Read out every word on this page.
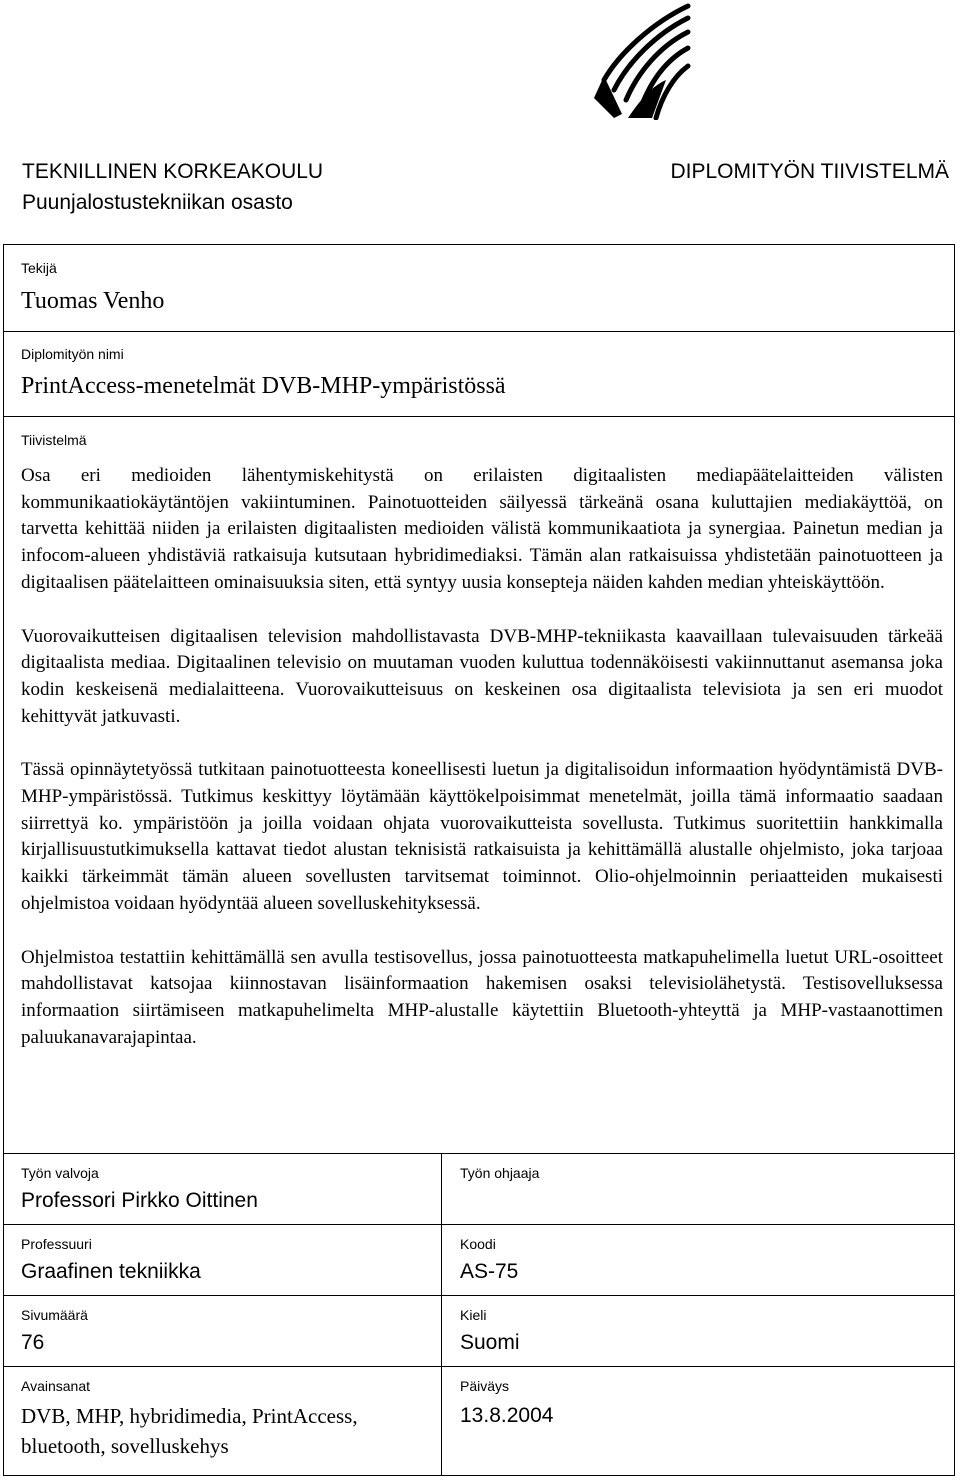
TEKNILLINEN KORKEAKOULU
Puunjalostustekniikan osasto
DIPLOMITYÖN TIIVISTELMÄ
Tekijä
Tuomas Venho
Diplomityön nimi
PrintAccess-menetelmät DVB-MHP-ympäristössä
Tiivistelmä

Osa eri medioiden lähentymiskehitystä on erilaisten digitaalisten mediapäätelaitteiden välisten kommunikaatiokäytäntöjen vakiintuminen. Painotuotteiden säilyessä tärkeänä osana kuluttajien mediakäyttöä, on tarvetta kehittää niiden ja erilaisten digitaalisten medioiden välistä kommunikaatiota ja synergiaa. Painetun median ja infocom-alueen yhdistäviä ratkaisuja kutsutaan hybridimediaksi. Tämän alan ratkaisuissa yhdistetään painotuotteen ja digitaalisen päätelaitteen ominaisuuksia siten, että syntyy uusia konsepteja näiden kahden median yhteiskäyttöön.

Vuorovaikutteisen digitaalisen television mahdollistavasta DVB-MHP-tekniikasta kaavaillaan tulevaisuuden tärkeää digitaalista mediaa. Digitaalinen televisio on muutaman vuoden kuluttua todennäköisesti vakiinnuttanut asemansa joka kodin keskeisenä medialaitteena. Vuorovaikutteisuus on keskeinen osa digitaalista televisiota ja sen eri muodot kehittyvät jatkuvasti.

Tässä opinnäytetyössä tutkitaan painotuotteesta koneellisesti luetun ja digitalisoidun informaation hyödyntämistä DVB-MHP-ympäristössä. Tutkimus keskittyy löytämään käyttökelpoisimmat menetelmät, joilla tämä informaatio saadaan siirrettyä ko. ympäristöön ja joilla voidaan ohjata vuorovaikutteista sovellusta. Tutkimus suoritettiin hankkimalla kirjallisuustutkimuksella kattavat tiedot alustan teknisistä ratkaisuista ja kehittämällä alustalle ohjelmisto, joka tarjoaa kaikki tärkeimmät tämän alueen sovellusten tarvitsemat toiminnot. Olio-ohjelmoinnin periaatteiden mukaisesti ohjelmistoa voidaan hyödyntää alueen sovelluskehityksessä.

Ohjelmistoa testattiin kehittämällä sen avulla testisovellus, jossa painotuotteesta matkapuhelimella luetut URL-osoitteet mahdollistavat katsojaa kiinnostavan lisäinformaation hakemisen osaksi televisiolähetystä. Testisovelluksessa informaation siirtämiseen matkapuhelimelta MHP-alustalle käytettiin Bluetooth-yhteyttä ja MHP-vastaanottimen paluukanavarajapintaa.

Työn valvoja
Professori Pirkko Oittinen
Professuuri
Graafinen tekniikka
Sivumäärä
76
Avainsanat
DVB, MHP, hybridimedia, PrintAccess,
bluetooth, sovelluskehys
Työn ohjaaja
Koodi
AS-75
Kieli
Suomi
Päiväys
13.8.2004
